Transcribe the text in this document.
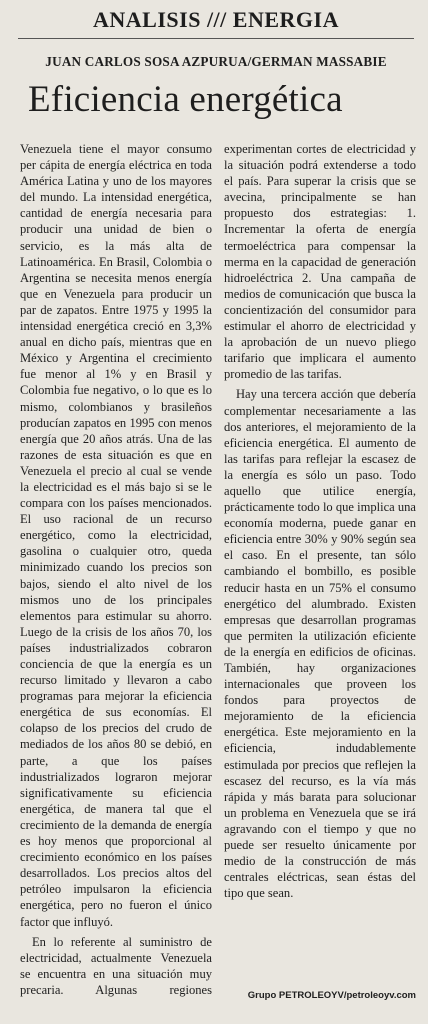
ANALISIS /// ENERGIA
JUAN CARLOS SOSA AZPURUA/GERMAN MASSABIE
Eficiencia energética

Venezuela tiene el mayor consumo per cápita de energía eléctrica en toda América Latina y uno de los mayores del mundo. La intensidad energética, cantidad de energía necesaria para producir una unidad de bien o servicio, es la más alta de Latinoamérica. En Brasil, Colombia o Argentina se necesita menos energía que en Venezuela para producir un par de zapatos. Entre 1975 y 1995 la intensidad energética creció en 3,3% anual en dicho país, mientras que en México y Argentina el crecimiento fue menor al 1% y en Brasil y Colombia fue negativo, o lo que es lo mismo, colombianos y brasileños producían zapatos en 1995 con menos energía que 20 años atrás. Una de las razones de esta situación es que en Venezuela el precio al cual se vende la electricidad es el más bajo si se le compara con los países mencionados. El uso racional de un recurso energético, como la electricidad, gasolina o cualquier otro, queda minimizado cuando los precios son bajos, siendo el alto nivel de los mismos uno de los principales elementos para estimular su ahorro. Luego de la crisis de los años 70, los países industrializados cobraron conciencia de que la energía es un recurso limitado y llevaron a cabo programas para mejorar la eficiencia energética de sus economías. El colapso de los precios del crudo de mediados de los años 80 se debió, en parte, a que los países industrializados lograron mejorar significativamente su eficiencia energética, de manera tal que el crecimiento de la demanda de energía es hoy menos que proporcional al crecimiento económico en los países desarrollados. Los precios altos del petróleo impulsaron la eficiencia energética, pero no fueron el único factor que influyó.

En lo referente al suministro de electricidad, actualmente Venezuela se encuentra en una situación muy precaria. Algunas regiones experimentan cortes de electricidad y la situación podrá extenderse a todo el país. Para superar la crisis que se avecina, principalmente se han propuesto dos estrategias: 1. Incrementar la oferta de energía termoeléctrica para compensar la merma en la capacidad de generación hidroeléctrica 2. Una campaña de medios de comunicación que busca la concientización del consumidor para estimular el ahorro de electricidad y la aprobación de un nuevo pliego tarifario que implicara el aumento promedio de las tarifas.

Hay una tercera acción que debería complementar necesariamente a las dos anteriores, el mejoramiento de la eficiencia energética. El aumento de las tarifas para reflejar la escasez de la energía es sólo un paso. Todo aquello que utilice energía, prácticamente todo lo que implica una economía moderna, puede ganar en eficiencia entre 30% y 90% según sea el caso. En el presente, tan sólo cambiando el bombillo, es posible reducir hasta en un 75% el consumo energético del alumbrado. Existen empresas que desarrollan programas que permiten la utilización eficiente de la energía en edificios de oficinas. También, hay organizaciones internacionales que proveen los fondos para proyectos de mejoramiento de la eficiencia energética. Este mejoramiento en la eficiencia, indudablemente estimulada por precios que reflejen la escasez del recurso, es la vía más rápida y más barata para solucionar un problema en Venezuela que se irá agravando con el tiempo y que no puede ser resuelto únicamente por medio de la construcción de más centrales eléctricas, sean éstas del tipo que sean.

Grupo PETROLEOYV/petroleoyv.com
